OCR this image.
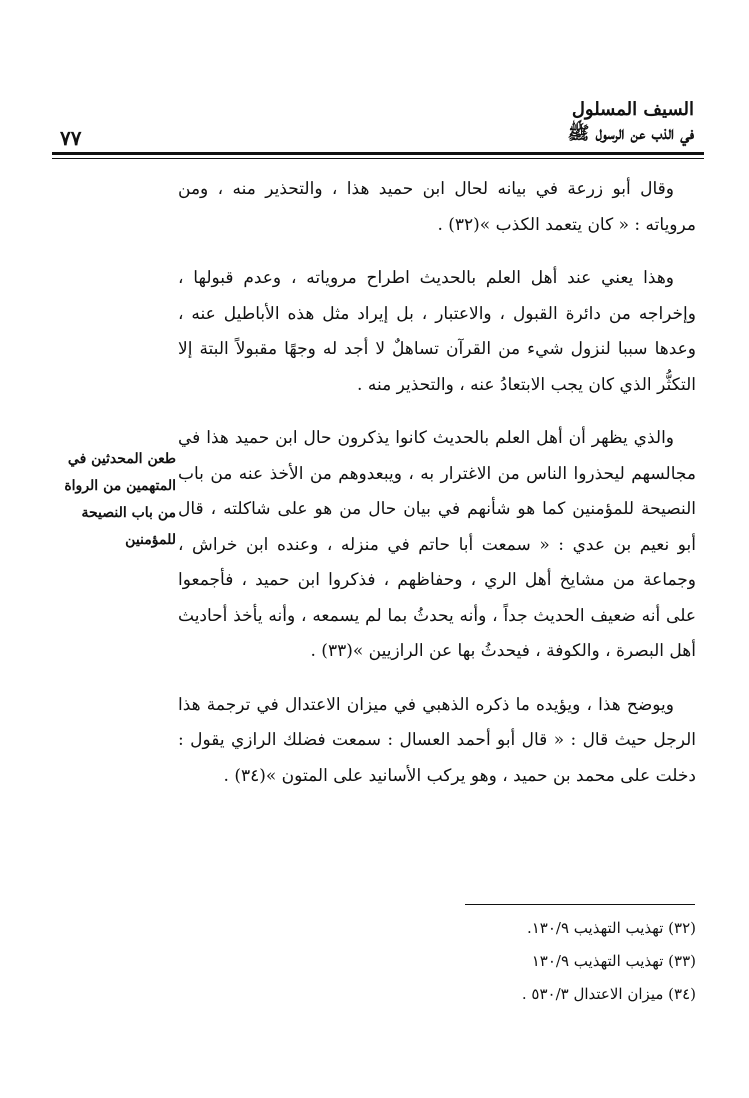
٧٧
السيف المسلول
في الذب عن الرسول ﷺ

وقال أبو زرعة في بيانه لحال ابن حميد هذا ، والتحذير منه ، ومن مروياته : « كان يتعمد الكذب »(٣٢) .

وهذا يعني عند أهل العلم بالحديث اطراح مروياته ، وعدم قبولها ، وإخراجه من دائرة القبول ، والاعتبار ، بل إيراد مثل هذه الأباطيل عنه ، وعدها سببا لنزول شيء من القرآن تساهلٌ لا أجد له وجهًا مقبولاً البتة إلا التكثُّر الذي كان يجب الابتعادُ عنه ، والتحذير منه .

والذي يظهر أن أهل العلم بالحديث كانوا يذكرون حال ابن حميد هذا في مجالسهم ليحذروا الناس من الاغترار به ، ويبعدوهم من الأخذ عنه من باب النصيحة للمؤمنين كما هو شأنهم في بيان حال من هو على شاكلته ، قال أبو نعيم بن عدي : « سمعت أبا حاتم في منزله ، وعنده ابن خراش ، وجماعة من مشايخ أهل الري ، وحفاظهم ، فذكروا ابن حميد ، فأجمعوا على أنه ضعيف الحديث جداً ، وأنه يحدثُ بما لم يسمعه ، وأنه يأخذ أحاديث أهل البصرة ، والكوفة ، فيحدثُ بها عن الرازيين »(٣٣) .

ويوضح هذا ، ويؤيده ما ذكره الذهبي في ميزان الاعتدال في ترجمة هذا الرجل حيث قال : « قال أبو أحمد العسال : سمعت فضلك الرازي يقول : دخلت على محمد بن حميد ، وهو يركب الأسانيد على المتون »(٣٤) .

طعن المحدثين في
المتهمين من الرواة
من باب النصيحة
للمؤمنين
(٣٢) تهذيب التهذيب ١٣٠/٩.
(٣٣) تهذيب التهذيب ١٣٠/٩
(٣٤) ميزان الاعتدال ٥٣٠/٣ .
